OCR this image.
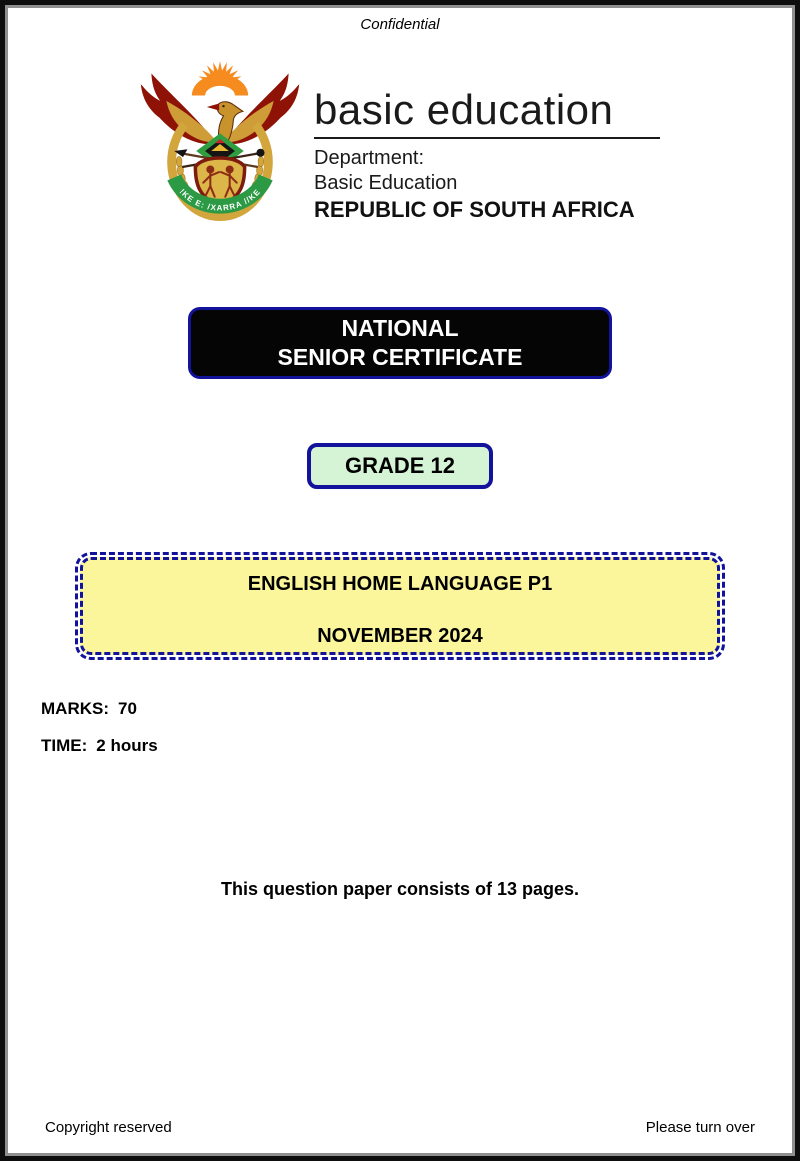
Confidential
!KE E: /XARRA //KE
basic education
Department:
Basic Education
REPUBLIC OF SOUTH AFRICA
NATIONAL
SENIOR CERTIFICATE
GRADE 12
ENGLISH HOME LANGUAGE P1
NOVEMBER 2024
MARKS: 70
TIME: 2 hours
This question paper consists of 13 pages.
Copyright reserved	Please turn over
